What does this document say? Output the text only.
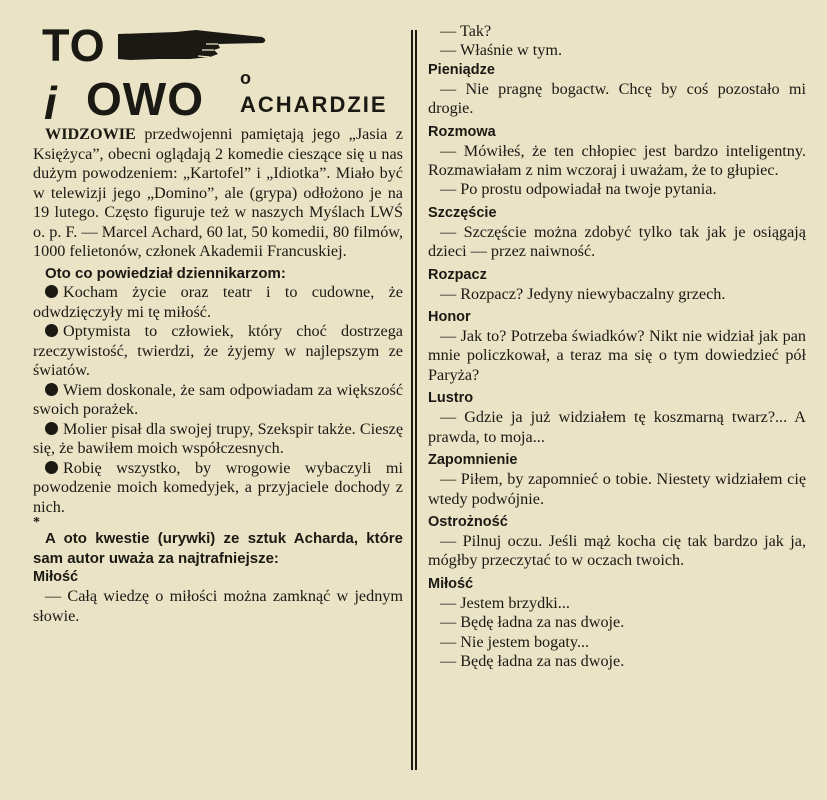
TO
i OWO o
ACHARDZIE

WIDZOWIE przedwojenni pamiętają jego „Jasia z Księżyca”, obecni oglądają 2 komedie cieszące się u nas dużym powodzeniem: „Kartofel” i „Idiotka”. Miało być w telewizji jego „Domino”, ale (grypa) odłożono je na 19 lutego. Często figuruje też w naszych Myślach LWŚ o. p. F. — Marcel Achard, 60 lat, 50 komedii, 80 filmów, 1000 felietonów, członek Akademii Francuskiej.

Oto co powiedział dziennikarzom:

Kocham życie oraz teatr i to cudowne, że odwdzięczyły mi tę miłość.

Optymista to człowiek, który choć dostrzega rzeczywistość, twierdzi, że żyjemy w najlepszym ze światów.

Wiem doskonale, że sam odpowiadam za większość swoich porażek.

Molier pisał dla swojej trupy, Szekspir także. Cieszę się, że bawiłem moich współczesnych.

Robię wszystko, by wrogowie wybaczyli mi powodzenie moich komedyjek, a przyjaciele dochody z nich.

*

A oto kwestie (urywki) ze sztuk Acharda, które sam autor uważa za najtrafniejsze:

Miłość

— Całą wiedzę o miłości można zamknąć w jednym słowie.

— Tak?

— Właśnie w tym.

Pieniądze

— Nie pragnę bogactw. Chcę by coś pozostało mi drogie.

Rozmowa

— Mówiłeś, że ten chłopiec jest bardzo inteligentny. Rozmawiałam z nim wczoraj i uważam, że to głupiec.

— Po prostu odpowiadał na twoje pytania.

Szczęście

— Szczęście można zdobyć tylko tak jak je osiągają dzieci — przez naiwność.

Rozpacz

— Rozpacz? Jedyny niewybaczalny grzech.

Honor

— Jak to? Potrzeba świadków? Nikt nie widział jak pan mnie policzkował, a teraz ma się o tym dowiedzieć pół Paryża?

Lustro

— Gdzie ja już widziałem tę koszmarną twarz?... A prawda, to moja...

Zapomnienie

— Piłem, by zapomnieć o tobie. Niestety widziałem cię wtedy podwójnie.

Ostrożność

— Pilnuj oczu. Jeśli mąż kocha cię tak bardzo jak ja, mógłby przeczytać to w oczach twoich.

Miłość

— Jestem brzydki...

— Będę ładna za nas dwoje.

— Nie jestem bogaty...

— Będę ładna za nas dwoje.
